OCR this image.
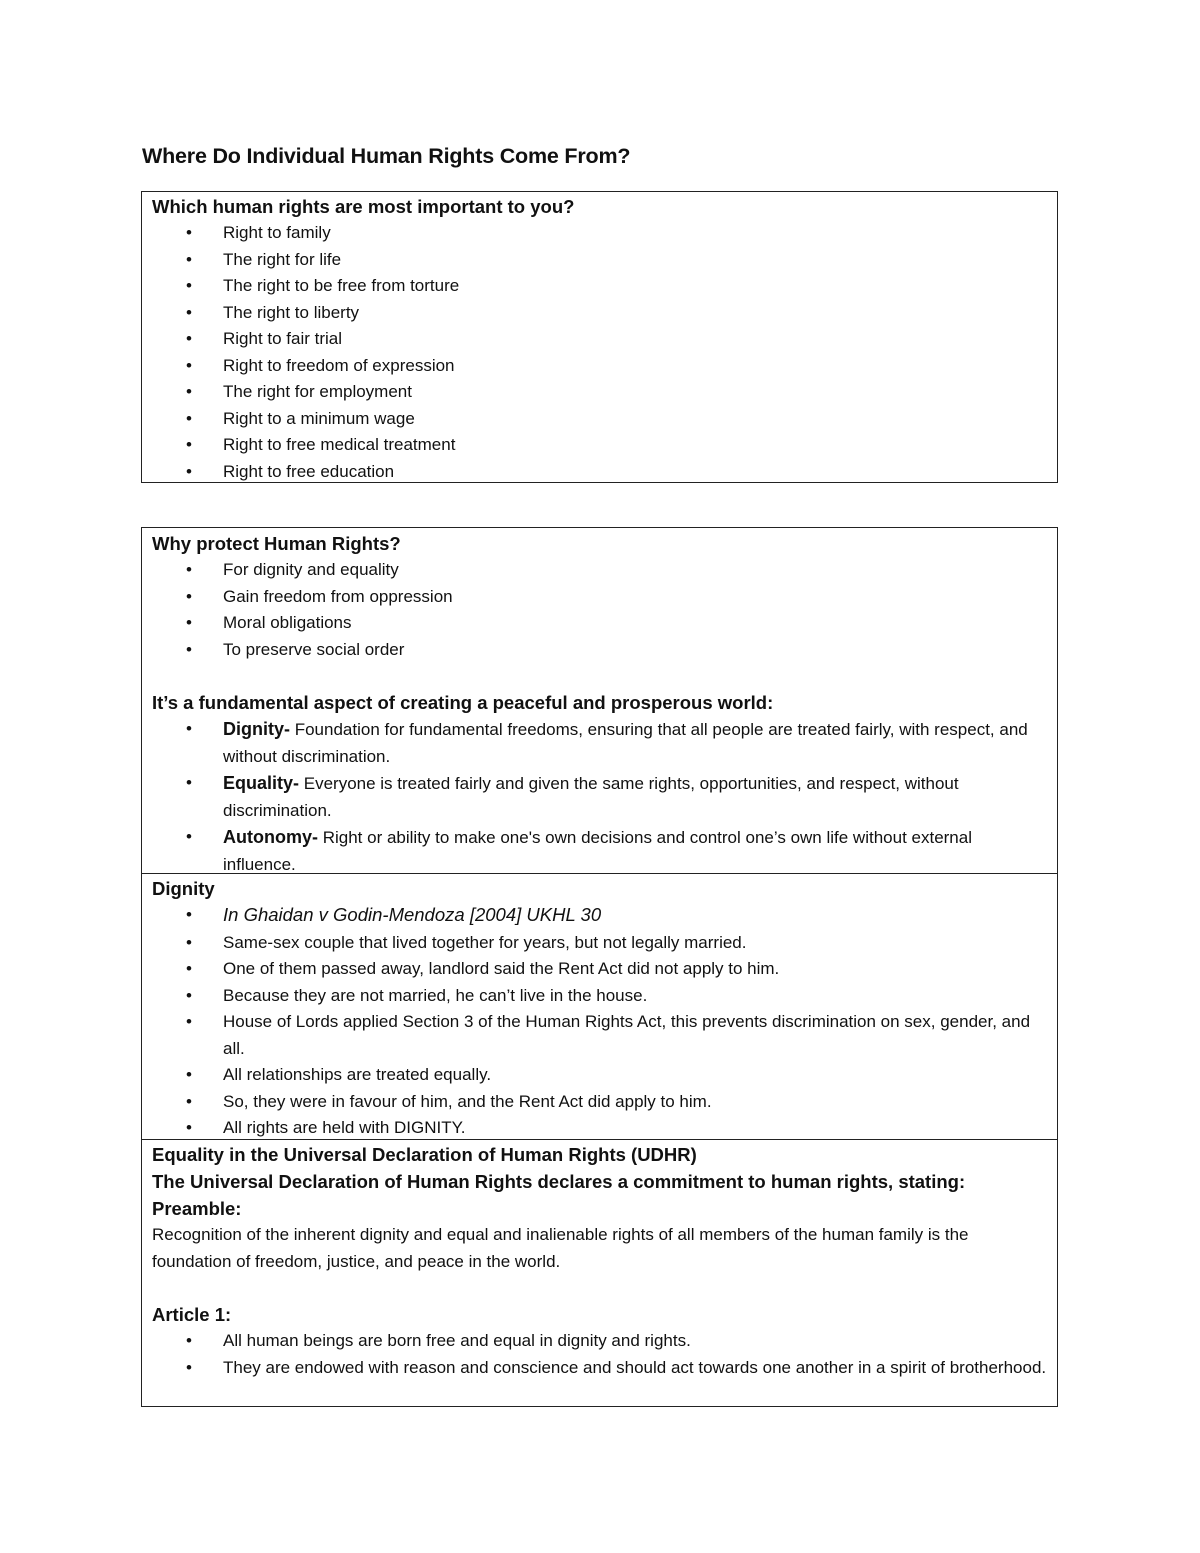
Where Do Individual Human Rights Come From?
Which human rights are most important to you?
• Right to family
• The right for life
• The right to be free from torture
• The right to liberty
• Right to fair trial
• Right to freedom of expression
• The right for employment
• Right to a minimum wage
• Right to free medical treatment
• Right to free education
Why protect Human Rights?
• For dignity and equality
• Gain freedom from oppression
• Moral obligations
• To preserve social order
It’s a fundamental aspect of creating a peaceful and prosperous world:
• Dignity- Foundation for fundamental freedoms, ensuring that all people are treated fairly, with respect, and without discrimination.
• Equality- Everyone is treated fairly and given the same rights, opportunities, and respect, without discrimination.
• Autonomy- Right or ability to make one's own decisions and control one’s own life without external influence.
Dignity
• In Ghaidan v Godin-Mendoza [2004] UKHL 30
• Same-sex couple that lived together for years, but not legally married.
• One of them passed away, landlord said the Rent Act did not apply to him.
• Because they are not married, he can’t live in the house.
• House of Lords applied Section 3 of the Human Rights Act, this prevents discrimination on sex, gender, and all.
• All relationships are treated equally.
• So, they were in favour of him, and the Rent Act did apply to him.
• All rights are held with DIGNITY.
Equality in the Universal Declaration of Human Rights (UDHR)
The Universal Declaration of Human Rights declares a commitment to human rights, stating:
Preamble:
Recognition of the inherent dignity and equal and inalienable rights of all members of the human family is the foundation of freedom, justice, and peace in the world.
Article 1:
• All human beings are born free and equal in dignity and rights.
• They are endowed with reason and conscience and should act towards one another in a spirit of brotherhood.
